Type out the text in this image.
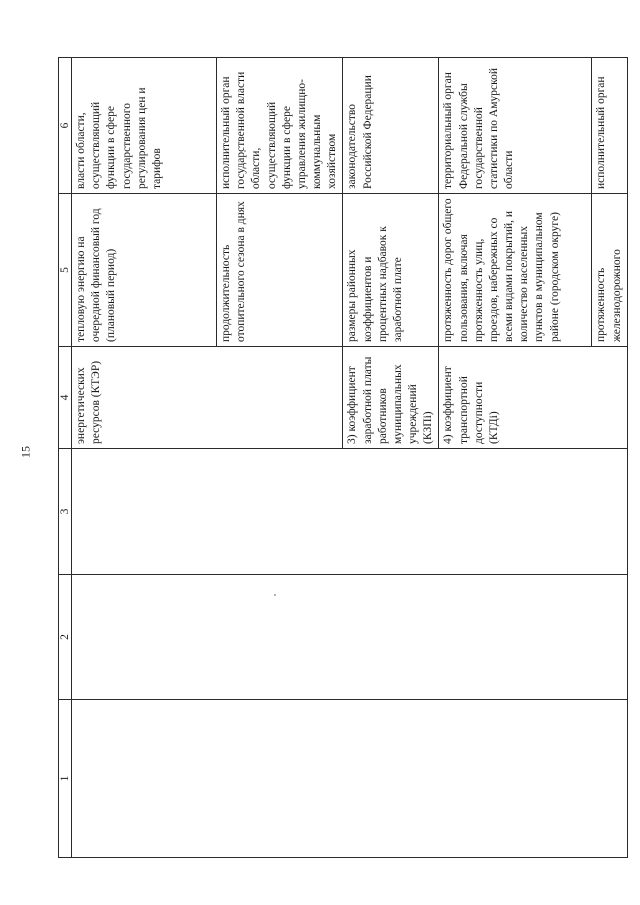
15
1	2	3	4	5	6
			энергетических ресурсов (КТЭР)	тепловую энергию на очередной финансовый год (плановый период)	власти области, осуществляющий функции в сфере государственного регулирования цен и тарифов
				продолжительность отопительного сезона в днях	исполнительный орган государственной власти области, осуществляющий функции в сфере управления жилищно-коммунальным хозяйством
			3) коэффициент заработной платы работников муниципальных учреждений (КЗПi)	размеры районных коэффициентов и процентных надбавок к заработной плате	законодательство Российской Федерации
			4) коэффициент транспортной доступности (КТДi)	протяженность дорог общего пользования, включая протяженность улиц, проездов, набережных со всеми видами покрытий, и количество населенных пунктов в муниципальном районе (городском округе)	территориальный орган Федеральной службы государственной статистики по Амурской области
				протяженность железнодорожного	исполнительный орган
